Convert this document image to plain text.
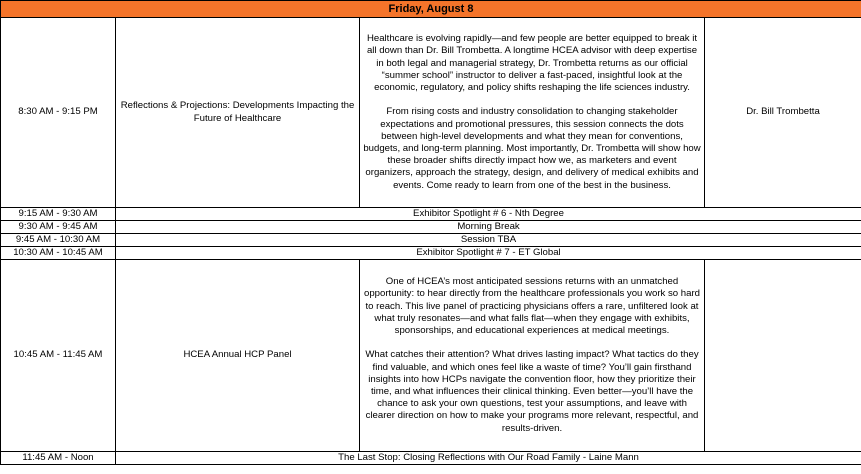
Friday, August 8			
8:30 AM - 9:15 PM	Reflections & Projections: Developments Impacting the Future of Healthcare	Healthcare is evolving rapidly—and few people are better equipped to break it all down than Dr. Bill Trombetta. A longtime HCEA advisor with deep expertise in both legal and managerial strategy, Dr. Trombetta returns as our official “summer school” instructor to deliver a fast-paced, insightful look at the economic, regulatory, and policy shifts reshaping the life sciences industry.

From rising costs and industry consolidation to changing stakeholder expectations and promotional pressures, this session connects the dots between high-level developments and what they mean for conventions, budgets, and long-term planning. Most importantly, Dr. Trombetta will show how these broader shifts directly impact how we, as marketers and event organizers, approach the strategy, design, and delivery of medical exhibits and events. Come ready to learn from one of the best in the business.	Dr. Bill Trombetta
9:15 AM - 9:30 AM	Exhibitor Spotlight # 6 - Nth Degree		
9:30 AM - 9:45 AM	Morning Break		
9:45 AM - 10:30 AM	Session TBA		
10:30 AM - 10:45 AM	Exhibitor Spotlight # 7 - ET Global		
10:45 AM - 11:45 AM	HCEA Annual HCP Panel	One of HCEA’s most anticipated sessions returns with an unmatched opportunity: to hear directly from the healthcare professionals you work so hard to reach. This live panel of practicing physicians offers a rare, unfiltered look at what truly resonates—and what falls flat—when they engage with exhibits, sponsorships, and educational experiences at medical meetings.

What catches their attention? What drives lasting impact? What tactics do they find valuable, and which ones feel like a waste of time? You’ll gain firsthand insights into how HCPs navigate the convention floor, how they prioritize their time, and what influences their clinical thinking. Even better—you’ll have the chance to ask your own questions, test your assumptions, and leave with clearer direction on how to make your programs more relevant, respectful, and results-driven.	

11:45 AM - Noon	The Last Stop: Closing Reflections with Our Road Family - Laine Mann		
